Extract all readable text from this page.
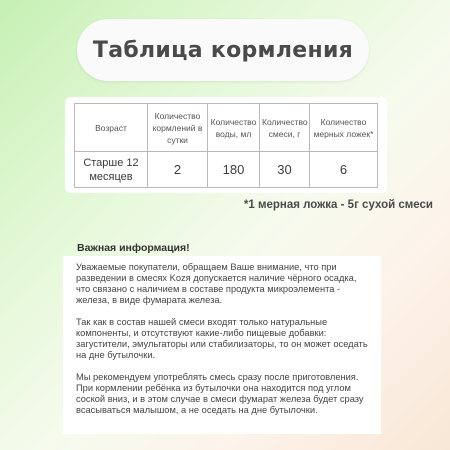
Таблица кормления
Возраст	Количество кормлений в сутки	Количество воды, мл	Количество смеси, г	Количество мерных ложек*
Старше 12 месяцев	2	180	30	6
*1 мерная ложка - 5г сухой смеси
Важная информация!

Уважаемые покупатели, обращаем Ваше внимание, что при разведении в смесях Kozя допускается наличие чёрного осадка, что связано с наличием в составе продукта микроэлемента - железа, в виде фумарата железа.

Так как в состав нашей смеси входят только натуральные компоненты, и отсутствуют какие-либо пищевые добавки: загустители, эмульгаторы или стабилизаторы, то он может оседать на дне бутылочки.

Мы рекомендуем употреблять смесь сразу после приготовления. При кормлении ребёнка из бутылочки она находится под углом соской вниз, и в этом случае в смеси фумарат железа будет сразу всасываться малышом, а не оседать на дне бутылочки.
